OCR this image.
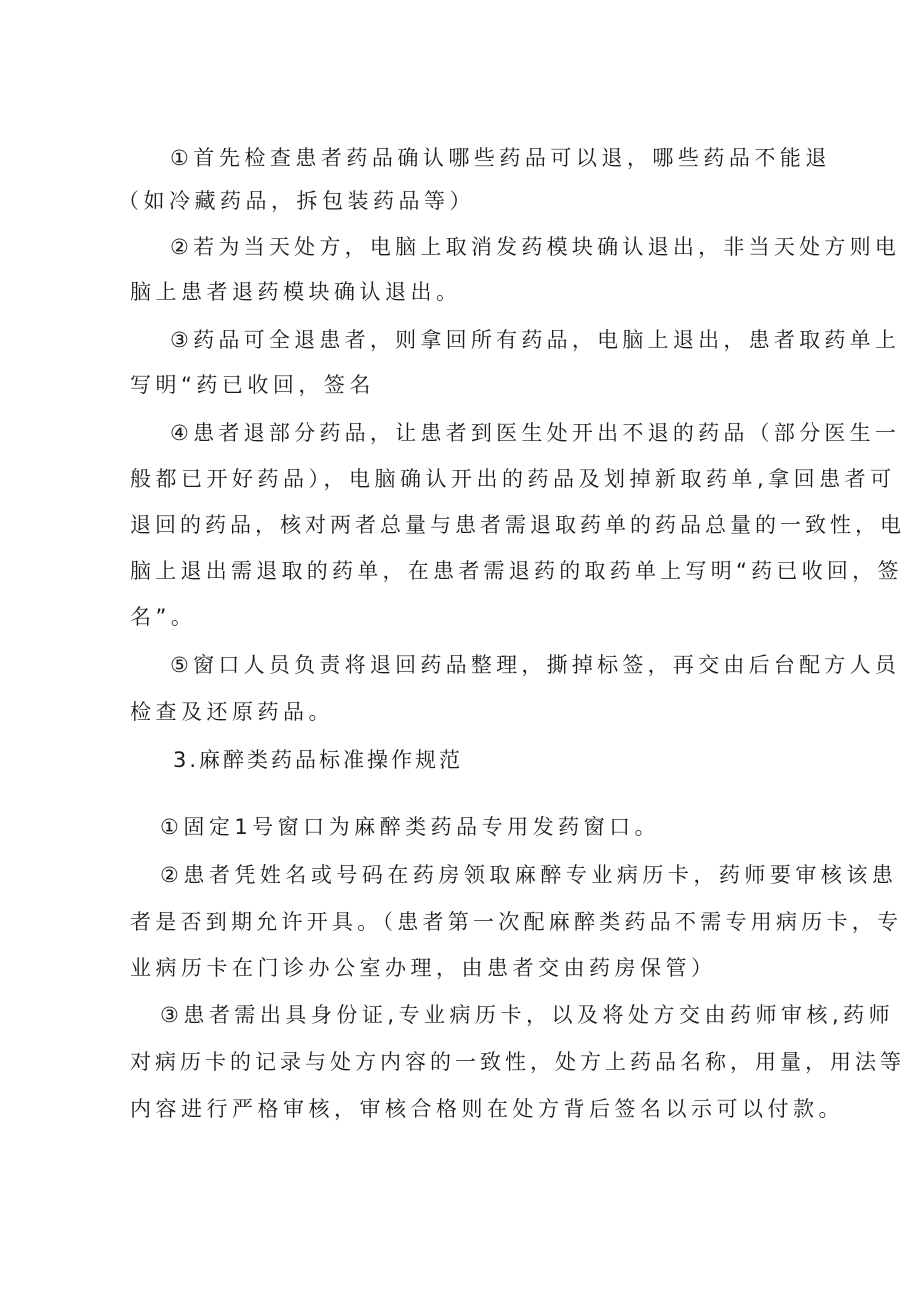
①首先检查患者药品确认哪些药品可以退，哪些药品不能退
（如冷藏药品，拆包装药品等）
②若为当天处方，电脑上取消发药模块确认退出，非当天处方则电
脑上患者退药模块确认退出。
③药品可全退患者，则拿回所有药品，电脑上退出，患者取药单上
写明“药已收回，签名
④患者退部分药品，让患者到医生处开出不退的药品（部分医生一
般都已开好药品），电脑确认开出的药品及划掉新取药单,拿回患者可
退回的药品，核对两者总量与患者需退取药单的药品总量的一致性，电
脑上退出需退取的药单，在患者需退药的取药单上写明“药已收回，签
名”。
⑤窗口人员负责将退回药品整理，撕掉标签，再交由后台配方人员
检查及还原药品。
3.麻醉类药品标准操作规范
①固定1号窗口为麻醉类药品专用发药窗口。
②患者凭姓名或号码在药房领取麻醉专业病历卡，药师要审核该患
者是否到期允许开具。（患者第一次配麻醉类药品不需专用病历卡，专
业病历卡在门诊办公室办理，由患者交由药房保管）
③患者需出具身份证,专业病历卡，以及将处方交由药师审核,药师
对病历卡的记录与处方内容的一致性，处方上药品名称，用量，用法等
内容进行严格审核，审核合格则在处方背后签名以示可以付款。
